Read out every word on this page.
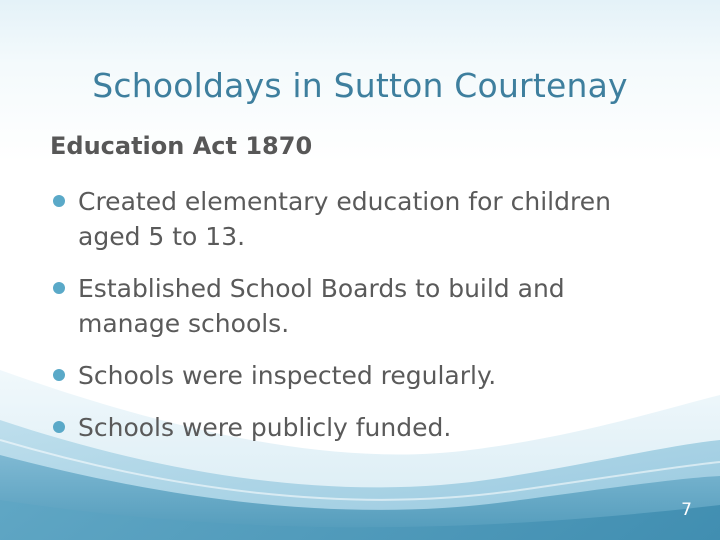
Schooldays in Sutton Courtenay
Education Act 1870
Created elementary education for children aged 5 to 13.
Established School Boards to build and manage schools.
Schools were inspected regularly.
Schools were publicly funded.
7
